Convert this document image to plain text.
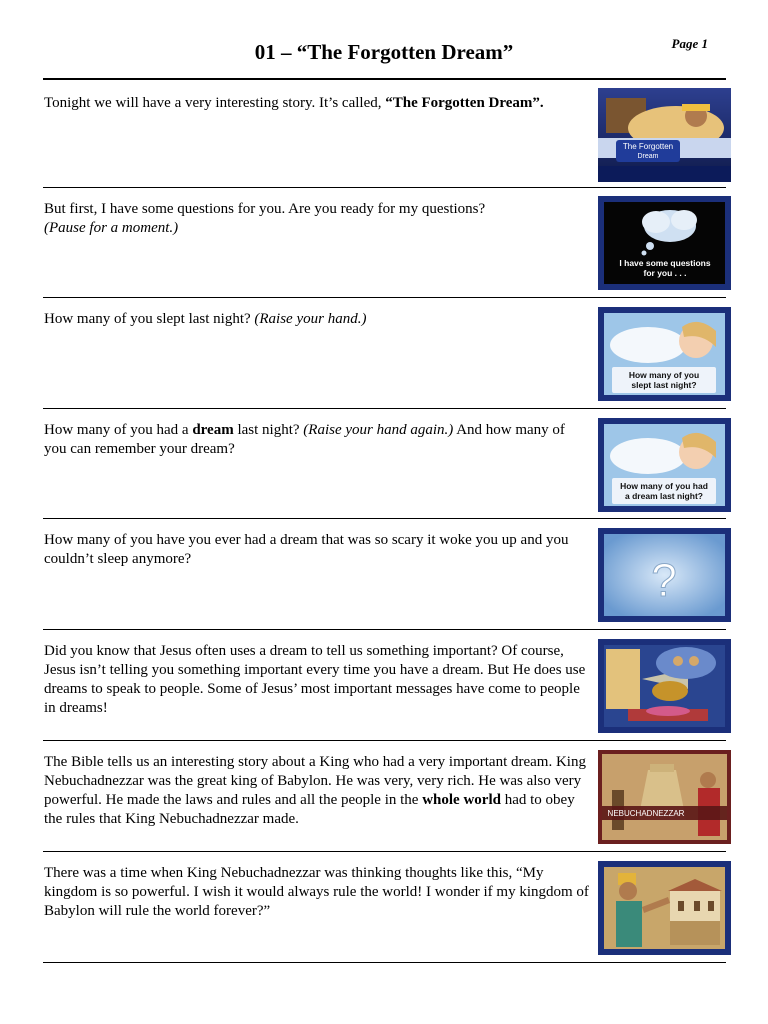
01 – “The Forgotten Dream”	Page 1
Tonight we will have a very interesting story. It’s called, “The Forgotten Dream”.
The Forgotten
Dream
But first, I have some questions for you. Are you ready for my questions?
(Pause for a moment.)
I have some questions
for you . . .
How many of you slept last night? (Raise your hand.)
How many of you
slept last night?
How many of you had a dream last night? (Raise your hand again.) And how many of you can remember your dream?
How many of you had
a dream last night?
How many of you have you ever had a dream that was so scary it woke you up and you couldn’t sleep anymore?	?
Did you know that Jesus often uses a dream to tell us something important? Of course, Jesus isn’t telling you something important every time you have a dream. But He does use dreams to speak to people. Some of Jesus’ most important messages have come to people in dreams!
The Bible tells us an interesting story about a King who had a very important dream. King Nebuchadnezzar was the great king of Babylon. He was very, very rich. He was also very powerful. He made the laws and rules and all the people in the whole world had to obey the rules that King Nebuchadnezzar made.	NEBUCHADNEZZAR
There was a time when King Nebuchadnezzar was thinking thoughts like this, “My kingdom is so powerful. I wish it would always rule the world! I wonder if my kingdom of Babylon will rule the world forever?”
